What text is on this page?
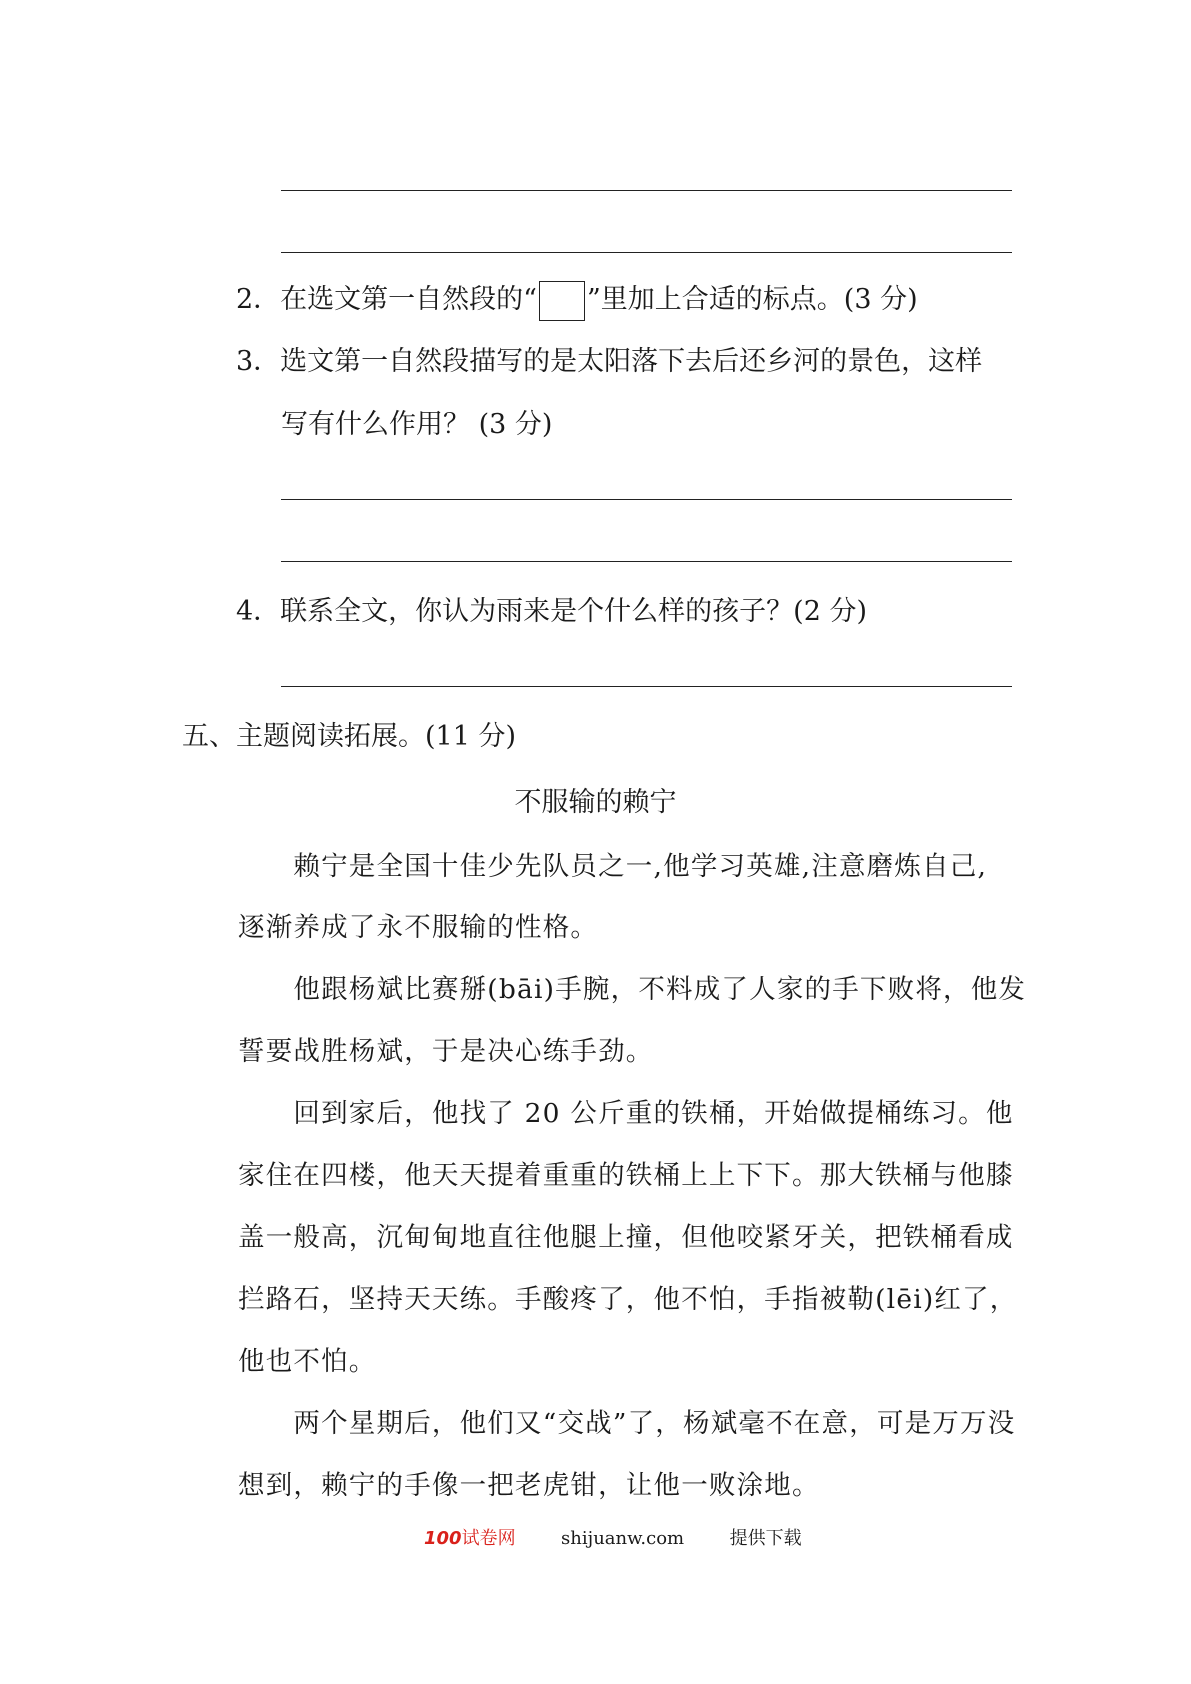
2．在选文第一自然段的“ ”里加上合适的标点。(3 分)
3．选文第一自然段描写的是太阳落下去后还乡河的景色，这样
写有什么作用？ (3 分)
4．联系全文，你认为雨来是个什么样的孩子？(2 分)
五、主题阅读拓展。(11 分)
不服输的赖宁
　　赖宁是全国十佳少先队员之一,他学习英雄,注意磨炼自己,
逐渐养成了永不服输的性格。
　　他跟杨斌比赛掰(bāi)手腕，不料成了人家的手下败将，他发
誓要战胜杨斌，于是决心练手劲。
　　回到家后，他找了 20 公斤重的铁桶，开始做提桶练习。他
家住在四楼，他天天提着重重的铁桶上上下下。那大铁桶与他膝
盖一般高，沉甸甸地直往他腿上撞，但他咬紧牙关，把铁桶看成
拦路石，坚持天天练。手酸疼了，他不怕，手指被勒(lēi)红了，
他也不怕。
　　两个星期后，他们又“交战”了，杨斌毫不在意，可是万万没
想到，赖宁的手像一把老虎钳，让他一败涂地。
100试卷网	shijuanw.com	提供下载
